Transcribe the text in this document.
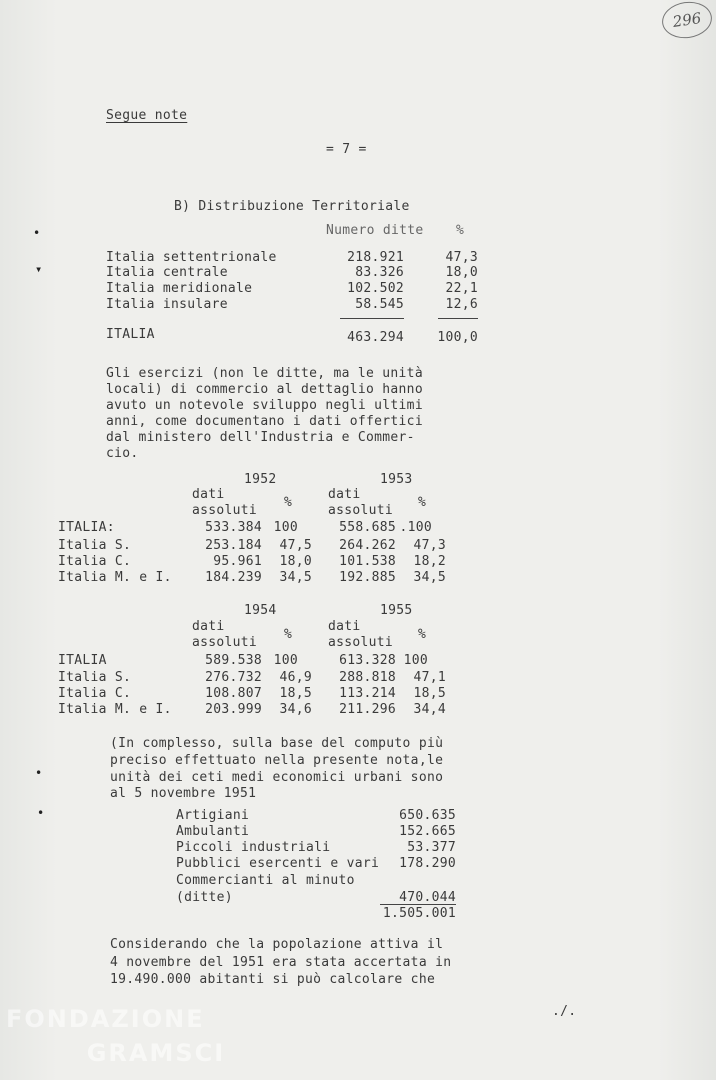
296
Segue note
= 7 =
B) Distribuzione Territoriale
Numero ditte %
Italia settentrionale	218.921	47,3
Italia centrale	83.326	18,0
Italia meridionale	102.502	22,1
Italia insulare	58.545	12,6
ITALIA	463.294	100,0
Gli esercizi (non le ditte, ma le unità
locali) di commercio al dettaglio hanno
avuto un notevole sviluppo negli ultimi
anni, come documentano i dati offertici
dal ministero dell'Industria e Commer-
cio.
1952	1953
dati	dati
%	%
assoluti	assoluti
ITALIA:	533.384 100	558.685 .100
Italia S.	253.184	47,5	264.262	47,3
Italia C.	95.961	18,0	101.538	18,2
Italia M. e I.	184.239	34,5	192.885	34,5
1954	1955
dati	dati
%	%
assoluti	assoluti
ITALIA	589.538 100	613.328 100
Italia S.	276.732	46,9	288.818	47,1
Italia C.	108.807	18,5	113.214	18,5
Italia M. e I.	203.999	34,6	211.296	34,4
(In complesso, sulla base del computo più
preciso effettuato nella presente nota,le
unità dei ceti medi economici urbani sono
al 5 novembre 1951
Artigiani	650.635
Ambulanti	152.665
Piccoli industriali	53.377
Pubblici esercenti e vari	178.290
Commercianti al minuto
(ditte)	470.044
1.505.001
Considerando che la popolazione attiva il
4 novembre del 1951 era stata accertata in
19.490.000 abitanti si può calcolare che
./.
•
▾
•
•
FONDAZIONE
GRAMSCI
